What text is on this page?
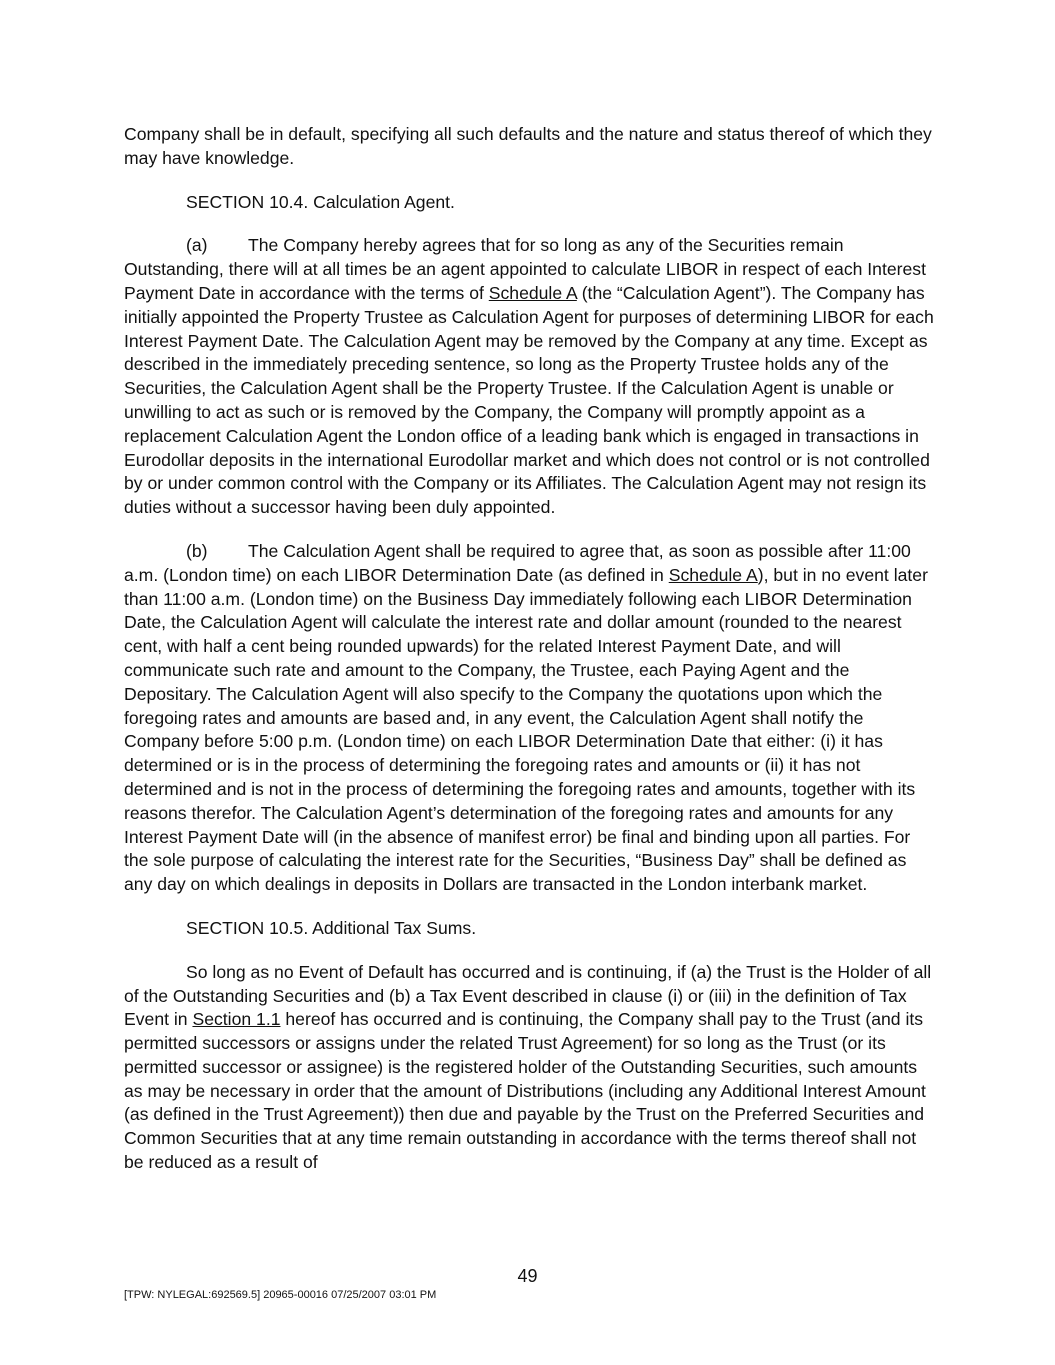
Company shall be in default, specifying all such defaults and the nature and status thereof of which they may have knowledge.

SECTION 10.4. Calculation Agent.

(a) The Company hereby agrees that for so long as any of the Securities remain Outstanding, there will at all times be an agent appointed to calculate LIBOR in respect of each Interest Payment Date in accordance with the terms of Schedule A (the “Calculation Agent”). The Company has initially appointed the Property Trustee as Calculation Agent for purposes of determining LIBOR for each Interest Payment Date. The Calculation Agent may be removed by the Company at any time. Except as described in the immediately preceding sentence, so long as the Property Trustee holds any of the Securities, the Calculation Agent shall be the Property Trustee. If the Calculation Agent is unable or unwilling to act as such or is removed by the Company, the Company will promptly appoint as a replacement Calculation Agent the London office of a leading bank which is engaged in transactions in Eurodollar deposits in the international Eurodollar market and which does not control or is not controlled by or under common control with the Company or its Affiliates. The Calculation Agent may not resign its duties without a successor having been duly appointed.

(b) The Calculation Agent shall be required to agree that, as soon as possible after 11:00 a.m. (London time) on each LIBOR Determination Date (as defined in Schedule A), but in no event later than 11:00 a.m. (London time) on the Business Day immediately following each LIBOR Determination Date, the Calculation Agent will calculate the interest rate and dollar amount (rounded to the nearest cent, with half a cent being rounded upwards) for the related Interest Payment Date, and will communicate such rate and amount to the Company, the Trustee, each Paying Agent and the Depositary. The Calculation Agent will also specify to the Company the quotations upon which the foregoing rates and amounts are based and, in any event, the Calculation Agent shall notify the Company before 5:00 p.m. (London time) on each LIBOR Determination Date that either: (i) it has determined or is in the process of determining the foregoing rates and amounts or (ii) it has not determined and is not in the process of determining the foregoing rates and amounts, together with its reasons therefor. The Calculation Agent’s determination of the foregoing rates and amounts for any Interest Payment Date will (in the absence of manifest error) be final and binding upon all parties. For the sole purpose of calculating the interest rate for the Securities, “Business Day” shall be defined as any day on which dealings in deposits in Dollars are transacted in the London interbank market.

SECTION 10.5. Additional Tax Sums.

So long as no Event of Default has occurred and is continuing, if (a) the Trust is the Holder of all of the Outstanding Securities and (b) a Tax Event described in clause (i) or (iii) in the definition of Tax Event in Section 1.1 hereof has occurred and is continuing, the Company shall pay to the Trust (and its permitted successors or assigns under the related Trust Agreement) for so long as the Trust (or its permitted successor or assignee) is the registered holder of the Outstanding Securities, such amounts as may be necessary in order that the amount of Distributions (including any Additional Interest Amount (as defined in the Trust Agreement)) then due and payable by the Trust on the Preferred Securities and Common Securities that at any time remain outstanding in accordance with the terms thereof shall not be reduced as a result of

49
[TPW: NYLEGAL:692569.5] 20965-00016 07/25/2007 03:01 PM
